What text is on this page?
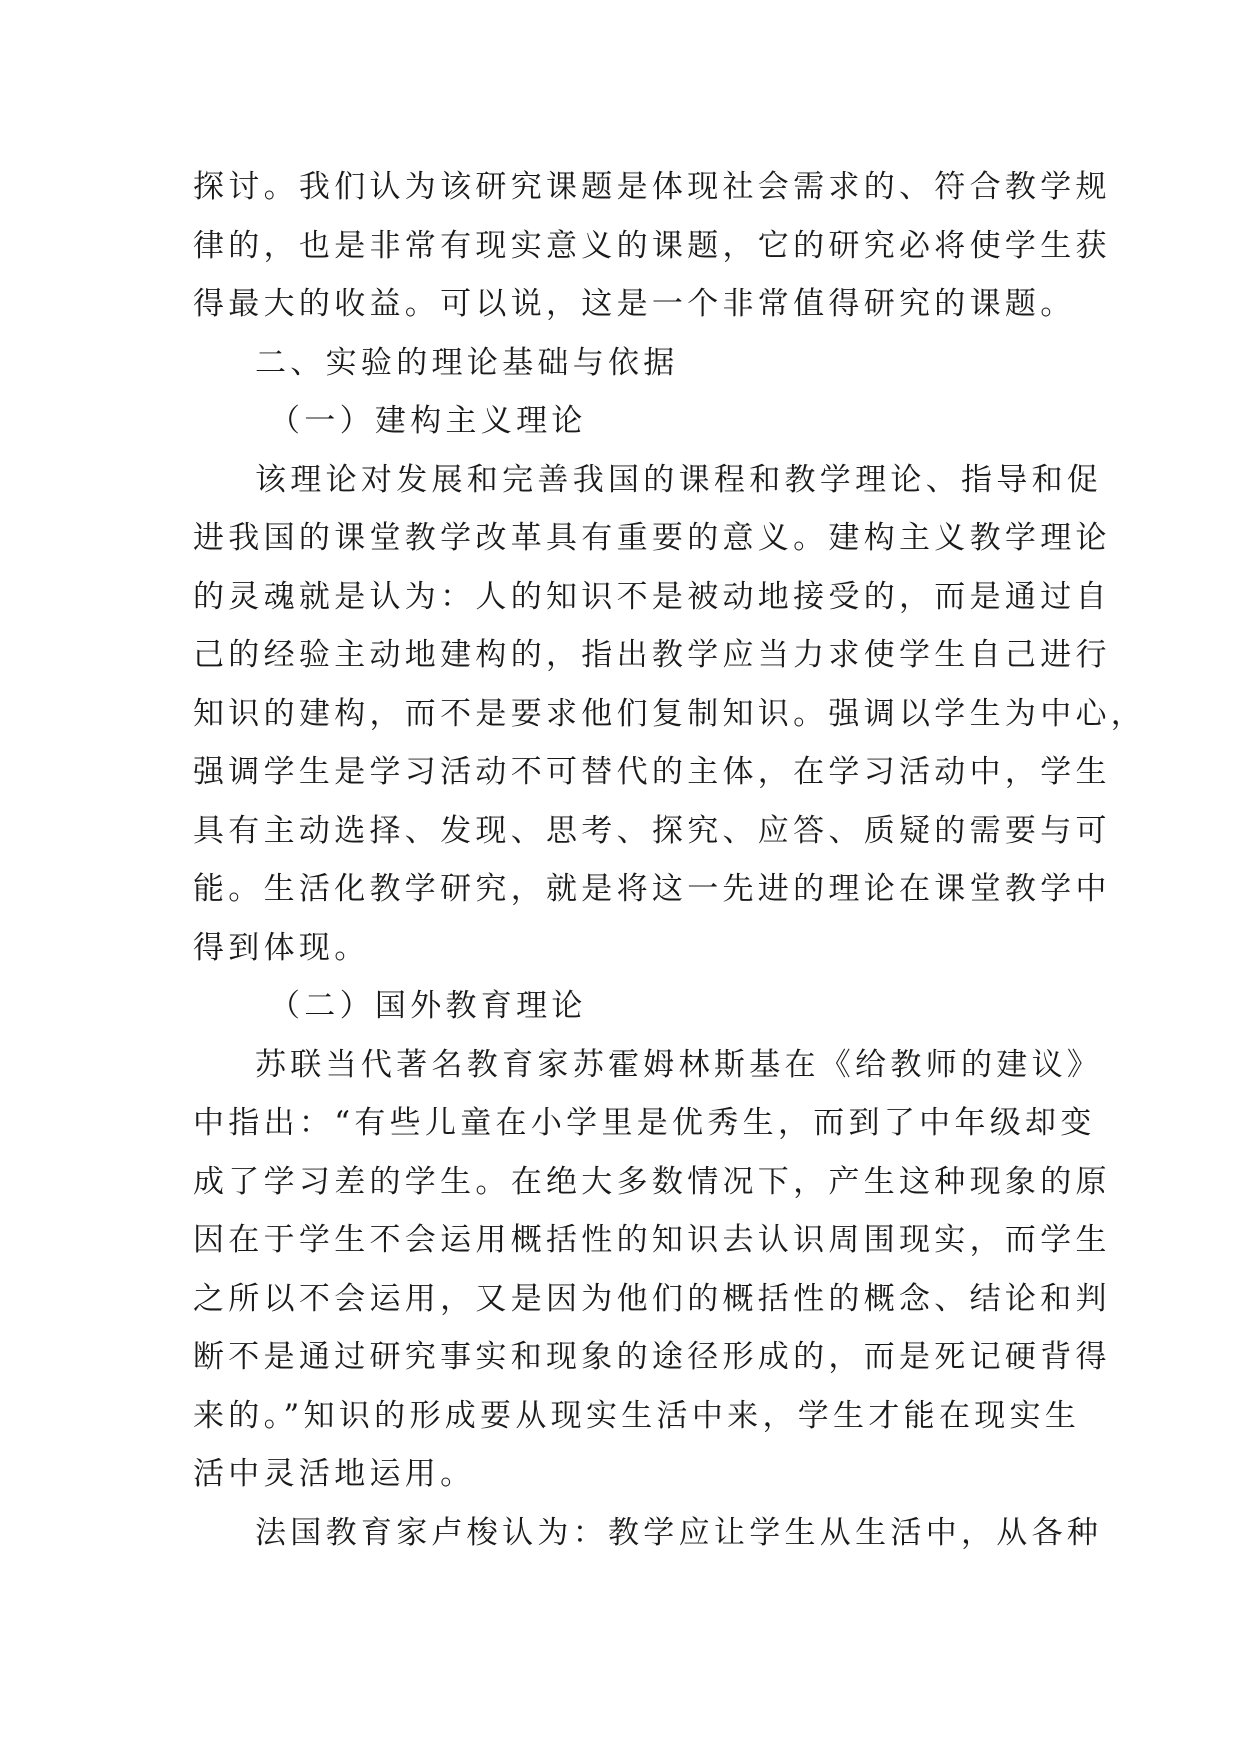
探讨。我们认为该研究课题是体现社会需求的、符合教学规
律的，也是非常有现实意义的课题，它的研究必将使学生获
得最大的收益。可以说，这是一个非常值得研究的课题。
二、实验的理论基础与依据
（一）建构主义理论
该理论对发展和完善我国的课程和教学理论、指导和促
进我国的课堂教学改革具有重要的意义。建构主义教学理论
的灵魂就是认为：人的知识不是被动地接受的，而是通过自
己的经验主动地建构的，指出教学应当力求使学生自己进行
知识的建构，而不是要求他们复制知识。强调以学生为中心，
强调学生是学习活动不可替代的主体，在学习活动中，学生
具有主动选择、发现、思考、探究、应答、质疑的需要与可
能。生活化教学研究，就是将这一先进的理论在课堂教学中
得到体现。
（二）国外教育理论
苏联当代著名教育家苏霍姆林斯基在《给教师的建议》
中指出：“有些儿童在小学里是优秀生，而到了中年级却变
成了学习差的学生。在绝大多数情况下，产生这种现象的原
因在于学生不会运用概括性的知识去认识周围现实，而学生
之所以不会运用，又是因为他们的概括性的概念、结论和判
断不是通过研究事实和现象的途径形成的，而是死记硬背得
来的。”知识的形成要从现实生活中来，学生才能在现实生
活中灵活地运用。
法国教育家卢梭认为：教学应让学生从生活中，从各种
